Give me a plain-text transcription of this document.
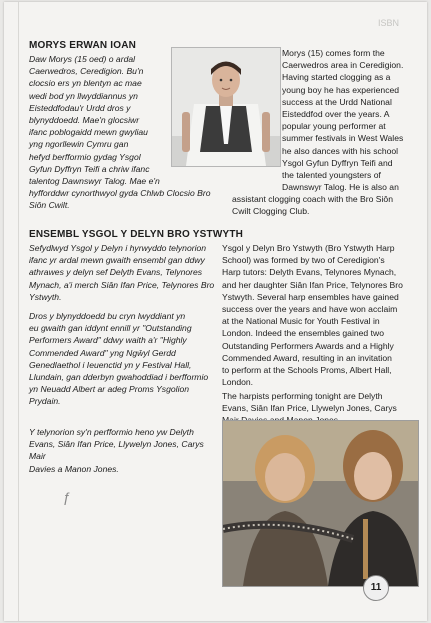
ISBN
MORYS ERWAN IOAN
Daw Morys (15 oed) o ardal
Caerwedros, Ceredigion. Bu'n
clocsio ers yn blentyn ac mae
wedi bod yn llwyddiannus yn
Eisteddfodau'r Urdd dros y
blynyddoedd. Mae'n glocsiwr
ifanc poblogaidd mewn gwyliau
yng ngorllewin Cymru gan
hefyd berfformio gydag Ysgol
Gyfun Dyffryn Teifi a chriw ifanc
talentog Dawnswyr Talog. Mae e'n
hyfforddwr cynorthwyol gyda Chlwb Clocsio Bro
Siôn Cwilt.
Morys (15) comes form the
Caerwedros area in Ceredigion.
Having started clogging as a
young boy he has experienced
success at the Urdd National
Eisteddfod over the years. A
popular young performer at
summer festivals in West Wales
he also dances with his school
Ysgol Gyfun Dyffryn Teifi and
the talented youngsters of
Dawnswyr Talog. He is also an
assistant clogging coach with the Bro Siôn
Cwilt Clogging Club.
ENSEMBL YSGOL Y DELYN BRO YSTWYTH
Sefydlwyd Ysgol y Delyn i hyrwyddo telynorion
ifanc yr ardal mewn gwaith ensembl gan ddwy
athrawes y delyn sef Delyth Evans, Telynores
Mynach, a'i merch Siân Ifan Price, Telynores Bro
Ystwyth.
Dros y blynyddoedd bu cryn lwyddiant yn
eu gwaith gan iddynt ennill yr "Outstanding
Performers Award" ddwy waith a'r "Highly
Commended Award" yng Ngŵyl Gerdd
Genedlaethol i Ieuenctid yn y Festival Hall,
Llundain, gan dderbyn gwahoddiad i berfformio
yn Neuadd Albert ar adeg Proms Ysgolion
Prydain.
Y telynorion sy'n perfformio heno yw Delyth
Evans, Siân Ifan Price, Llywelyn Jones, Carys Mair
Davies a Manon Jones.
ƒ
Ysgol y Delyn Bro Ystwyth (Bro Ystwyth Harp
School) was formed by two of Ceredigion's
Harp tutors: Delyth Evans, Telynores Mynach,
and her daughter Siân Ifan Price, Telynores Bro
Ystwyth. Several harp ensembles have gained
success over the years and have won acclaim
at the National Music for Youth Festival in
London. Indeed the ensembles gained two
Outstanding Performers Awards and a Highly
Commended Award, resulting in an invitation
to perform at the Schools Proms, Albert Hall,
London.
The harpists performing tonight are Delyth
Evans, Siân Ifan Price, Llywelyn Jones, Carys
11
